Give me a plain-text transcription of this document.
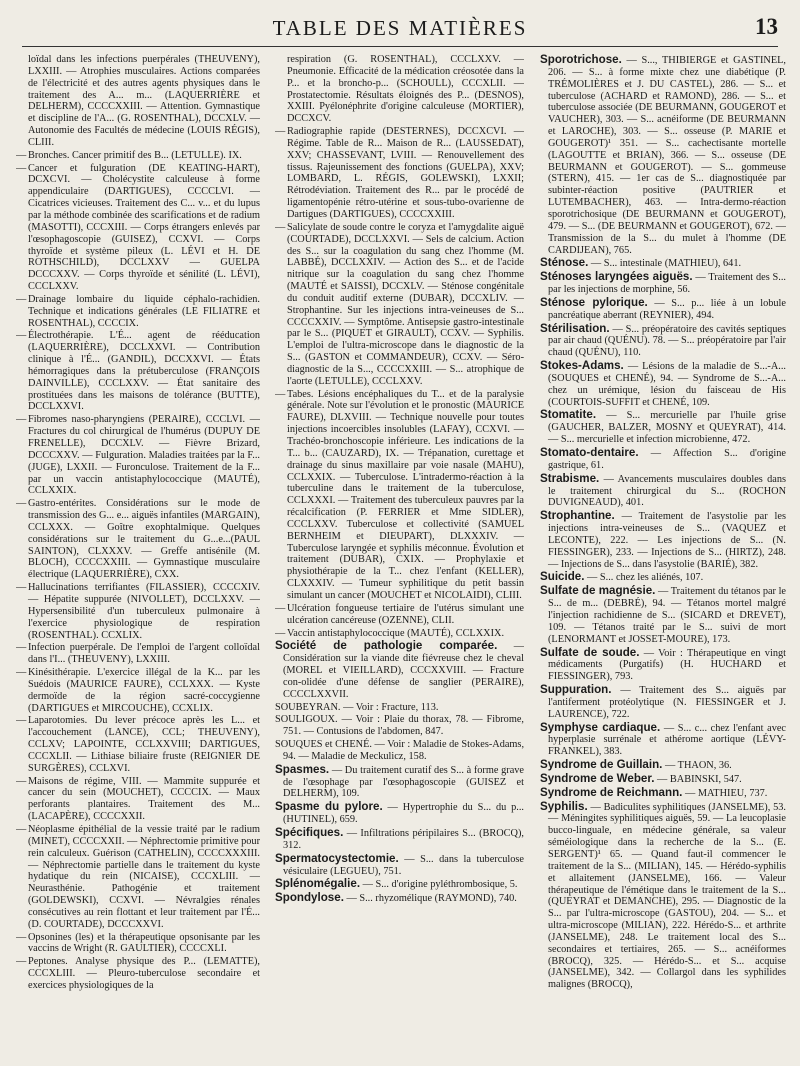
TABLE DES MATIÈRES	13
loïdal dans les infections puerpérales (THEUVENY), LXXIII. — Atrophies musculaires. Actions comparées de l'électricité et des autres agents physiques dans le traitement des A... m... (LAQUERRIÈRE et DELHERM), CCCCXXIII. — Attention. Gymnastique et discipline de l'A... (G. ROSENTHAL), DCCXLV. — Autonomie des Facultés de médecine (LOUIS RÉGIS), CLIII.
— Bronches. Cancer primitif des B... (LETULLE). IX.
— Cancer et fulguration (DE KEATING-HART), DCXCVI. — Cholécystite calculeuse à forme appendiculaire (DARTIGUES), CCCCLVI. — Cicatrices vicieuses. Traitement des C... v... et du lupus par la méthode combinée des scarifications et de radium (MASOTTI), CCCXIII. — Corps étrangers enlevés par l'œsophagoscopie (GUISEZ), CCXVI. — Corps thyroïde et système pileux (L. LÉVI et H. DE ROTHSCHILD), DCCLXXV — GUELPA DCCCXXV. — Corps thyroïde et sénilité (L. LÉVI), CCCLXXV.
— Drainage lombaire du liquide céphalo-rachidien. Technique et indications générales (LE FILIATRE et ROSENTHAL), CCCCIX.
— Électrothérapie. L'É... agent de rééducation (LAQUERRIÈRE), DCCLXXVI. — Contribution clinique à l'É... (GANDIL), DCCXXVI. — États hémorragiques dans la prétuberculose (FRANÇOIS DAINVILLE), CCCLXXV. — État sanitaire des prostituées dans les maisons de tolérance (BUTTE), DCCLXXVI.
— Fibromes naso-pharyngiens (PERAIRE), CCCLVI. — Fractures du col chirurgical de l'humérus (DUPUY DE FRENELLE), DCCXLV. — Fièvre Brizard, DCCCXXV. — Fulguration. Maladies traitées par la F... (JUGE), LXXII. — Furonculose. Traitement de la F... par un vaccin antistaphylococcique (MAUTÉ), CCLXXIX.
— Gastro-entérites. Considérations sur le mode de transmission des G... e... aiguës infantiles (MARGAIN), CCLXXX. — Goître exophtalmique. Quelques considérations sur le traitement du G...e...(PAUL SAINTON), CLXXXV. — Greffe antisénile (M. BLOCH), CCCCXXIII. — Gymnastique musculaire électrique (LAQUERRIÈRE), CXX.
— Hallucinations terrifiantes (FILASSIER), CCCCXIV. — Hépatite suppurée (NIVOLLET), DCCLXXV. — Hypersensibilité d'un tuberculeux pulmonaire à l'exercice physiologique de respiration (ROSENTHAL). CCXLIX.
— Infection puerpérale. De l'emploi de l'argent colloïdal dans l'I... (THEUVENY), LXXIII.
— Kinésithérapie. L'exercice illégal de la K... par les Suédois (MAURICE FAURE), CCLXXX. — Kyste dermoïde de la région sacré-coccygienne (DARTIGUES et MIRCOUCHE), CCXLIX.
— Laparotomies. Du lever précoce après les L... et l'accouchement (LANCE), CCL; THEUVENY), CCLXV; LAPOINTE, CCLXXVIII; DARTIGUES, CCCXLII. — Lithiase biliaire fruste (REIGNIER DE SURGÈRES), CCLXVI.
— Maisons de régime, VIII. — Mammite suppurée et cancer du sein (MOUCHET), CCCCIX. — Maux perforants plantaires. Traitement des M... (LACAPÈRE), CCCCXXII.
— Néoplasme épithélial de la vessie traité par le radium (MINET), CCCCXXII. — Néphrectomie primitive pour rein calculeux. Guérison (CATHELIN), CCCCXXXIII. — Néphrectomie partielle dans le traitement du kyste hydatique du rein (NICAISE), CCCXLIII. — Neurasthénie. Pathogénie et traitement (GOLDEWSKI), CCXVI. — Névralgies rénales consécutives au rein flottant et leur traitement par l'É... (D. COURTADE), DCCCXXVI.
— Opsonines (les) et la thérapeutique opsonisante par les vaccins de Wright (R. GAULTIER), CCCCXLI.
— Peptones. Analyse physique des P... (LEMATTE), CCCXLIII. — Pleuro-tuberculose secondaire et exercices physiologiques de la
respiration (G. ROSENTHAL), CCCLXXV. — Pneumonie. Efficacité de la médication créosotée dans la P... et la broncho-p... (SCHOULL), CCCXLII. — Prostatectomie. Résultats éloignés des P... (DESNOS), XXIII. Pyélonéphrite d'origine calculeuse (MORTIER), DCCXCV.
— Radiographie rapide (DESTERNES), DCCXCVI. — Régime. Table de R... Maison de R... (LAUSSEDAT), XXV; CHASSEVANT, LVIII. — Renouvellement des tissus. Rajeunissement des fonctions (GUELPA), XXV; LOMBARD, L. RÉGIS, GOLEWSKI), LXXII; Rétrodéviation. Traitement des R... par le procédé de ligamentopénie rétro-utérine et sous-tubo-ovarienne de Dartigues (DARTIGUES), CCCCXXIII.
— Salicylate de soude contre le coryza et l'amygdalite aiguë (COURTADE), DCCLXXVI. — Sels de calcium. Action des S... sur la coagulation du sang chez l'homme (M. LABBÉ), DCCLXXIV. — Action des S... et de l'acide nitrique sur la coagulation du sang chez l'homme (MAUTÉ et SAISSI), DCCXLV. — Sténose congénitale du conduit auditif externe (DUBAR), DCCXLIV. — Strophantine. Sur les injections intra-veineuses de S... CCCCXXIV. — Symptôme. Antisepsie gastro-intestinale par le S... (PIQUET et GIRAULT), CCXV. — Syphilis. L'emploi de l'ultra-microscope dans le diagnostic de la S... (GASTON et COMMANDEUR), CCXV. — Séro-diagnostic de la S..., CCCCXXIII. — S... atrophique de l'aorte (LETULLE), CCCLXXV.
— Tabes. Lésions encéphaliques du T... et de la paralysie générale. Note sur l'évolution et le pronostic (MAURICE FAURE), DLXVIII. — Technique nouvelle pour toutes injections incoercibles insolubles (LAFAY), CCXVI. — Trachéo-bronchoscopie inférieure. Les indications de la T... b... (CAUZARD), IX. — Trépanation, curettage et drainage du sinus maxillaire par voie nasale (MAHU), CCLXXIX. — Tuberculose. L'intradermo-réaction à la tuberculine dans le traitement de la tuberculose, CCLXXXI. — Traitement des tuberculeux pauvres par la récalcification (P. FERRIER et Mme SIDLER), CCCLXXV. Tuberculose et collectivité (SAMUEL BERNHEIM et DIEUPART), DLXXXIV. — Tuberculose laryngée et syphilis méconnue. Évolution et traitement (DUBAR), CXIX. — Prophylaxie et physiothérapie de la T... chez l'enfant (KELLER), CLXXXIV. — Tumeur syphilitique du petit bassin simulant un cancer (MOUCHET et NICOLAIDI), CLIII.
— Ulcération fongueuse tertiaire de l'utérus simulant une ulcération cancéreuse (OZENNE), CLII.
— Vaccin antistaphylococcique (MAUTÉ), CCLXXIX.
Société de pathologie comparée. — Considération sur la viande dite fiévreuse chez le cheval (MOREL et VIEILLARD), CCCXXVIII. — Fracture con-olidée d'une défense de sanglier (PERAIRE), CCCCLXXVII.
SOUBEYRAN. — Voir : Fracture, 113.
SOULIGOUX. — Voir : Plaie du thorax, 78. — Fibrome, 751. — Contusions de l'abdomen, 847.
SOUQUES et CHENÉ. — Voir : Maladie de Stokes-Adams, 94. — Maladie de Meckulicz, 158.
Spasmes. — Du traitement curatif des S... à forme grave de l'œsophage par l'œsophagoscopie (GUISEZ et DELHERM), 109.
Spasme du pylore. — Hypertrophie du S... du p... (HUTINEL), 659.
Spécifiques. — Infiltrations péripilaires S... (BROCQ), 312.
Spermatocystectomie. — S... dans la tuberculose vésiculaire (LEGUEU), 751.
Splénomégalie. — S... d'origine pyléthrombosique, 5.
Spondylose. — S... rhyzomélique (RAYMOND), 740.
Sporotrichose. — S..., THIBIERGE et GASTINEL, 206. — S... à forme mixte chez une diabétique (P. TRÉMOLIÈRES et J. DU CASTEL), 286. — S... et tuberculose (ACHARD et RAMOND), 286. — S... et tuberculose associée (DE BEURMANN, GOUGEROT et VAUCHER), 303. — S... acnéiforme (DE BEURMANN et LAROCHE), 303. — S... osseuse (P. MARIE et GOUGEROT)¹ 351. — S... cachectisante mortelle (LAGOUTTE et BRIAN), 366. — S... osseuse (DE BEURMANN et GOUGEROT). — S... gommeuse (STERN), 415. — 1er cas de S... diagnostiquée par subinter-réaction positive (PAUTRIER et LUTEMBACHER), 463. — Intra-dermo-réaction sporotrichosique (DE BEURMANN et GOUGEROT), 479. — S... (DE BEURMANN et GOUGEROT), 672. — Transmission de la S... du mulet à l'homme (DE CARDIJEAN), 765.
Sténose. — S... intestinale (MATHIEU), 641.
Sténoses laryngées aiguës. — Traitement des S... par les injections de morphine, 56.
Sténose pylorique. — S... p... liée à un lobule pancréatique aberrant (REYNIER), 494.
Stérilisation. — S... préopératoire des cavités septiques par air chaud (QUÉNU). 78. — S... préopératoire par l'air chaud (QUÉNU), 110.
Stokes-Adams. — Lésions de la maladie de S...-A... (SOUQUES et CHENÉ), 94. — Syndrome de S...-A... chez un urémique, lésion du faisceau de His (COURTOIS-SUFFIT et CHENÉ, 109.
Stomatite. — S... mercurielle par l'huile grise (GAUCHER, BALZER, MOSNY et QUEYRAT), 414. — S... mercurielle et infection microbienne, 472.
Stomato-dentaire. — Affection S... d'origine gastrique, 61.
Strabisme. — Avancements musculaires doubles dans le traitement chirurgical du S... (ROCHON DUVIGNEAUD), 401.
Strophantine. — Traitement de l'asystolie par les injections intra-veineuses de S... (VAQUEZ et LECONTE), 222. — Les injections de S... (N. FIESSINGER), 233. — Injections de S... (HIRTZ), 248. — Injections de S... dans l'asystolie (BARIÉ), 382.
Suicide. — S... chez les aliénés, 107.
Sulfate de magnésie. — Traitement du tétanos par le S... de m... (DEBRÉ), 94. — Tétanos mortel malgré l'injection rachidienne de S... (SICARD et DREVET), 109. — Tétanos traité par le S... suivi de mort (LENORMANT et JOSSET-MOURE), 173.
Sulfate de soude. — Voir : Thérapeutique en vingt médicaments (Purgatifs) (H. HUCHARD et FIESSINGER), 793.
Suppuration. — Traitement des S... aiguës par l'antiferment protéolytique (N. FIESSINGER et J. LAURENCE), 722.
Symphyse cardiaque. — S... c... chez l'enfant avec hyperplasie surrénale et athérome aortique (LÉVY-FRANKEL), 383.
Syndrome de Guillain. — THAON, 36.
Syndrome de Weber. — BABINSKI, 547.
Syndrome de Reichmann. — MATHIEU, 737.
Syphilis. — Badiculites syphilitiques (JANSELME), 53. — Méningites syphilitiques aiguës, 59. — La leucoplasie bucco-linguale, en médecine générale, sa valeur séméiologique dans la recherche de la S... (E. SERGENT)¹ 65. — Quand faut-il commencer le traitement de la S... (MILIAN), 145. — Hérédo-syphilis et allaitement (JANSELME), 166. — Valeur thérapeutique de l'émétique dans le traitement de la S... (QUEYRAT et DEMANCHE), 295. — Diagnostic de la S... par l'ultra-microscope (GASTOU), 204. — S... et ultra-microscope (MILIAN), 222. Hérédo-S... et arthrite (JANSELME), 248. Le traitement local des S... secondaires et tertiaires, 265. — S... acnéiformes (BROCQ), 325. — Hérédo-S... et S... acquise (JANSELME), 342. — Collargol dans les syphilides malignes (BROCQ),
